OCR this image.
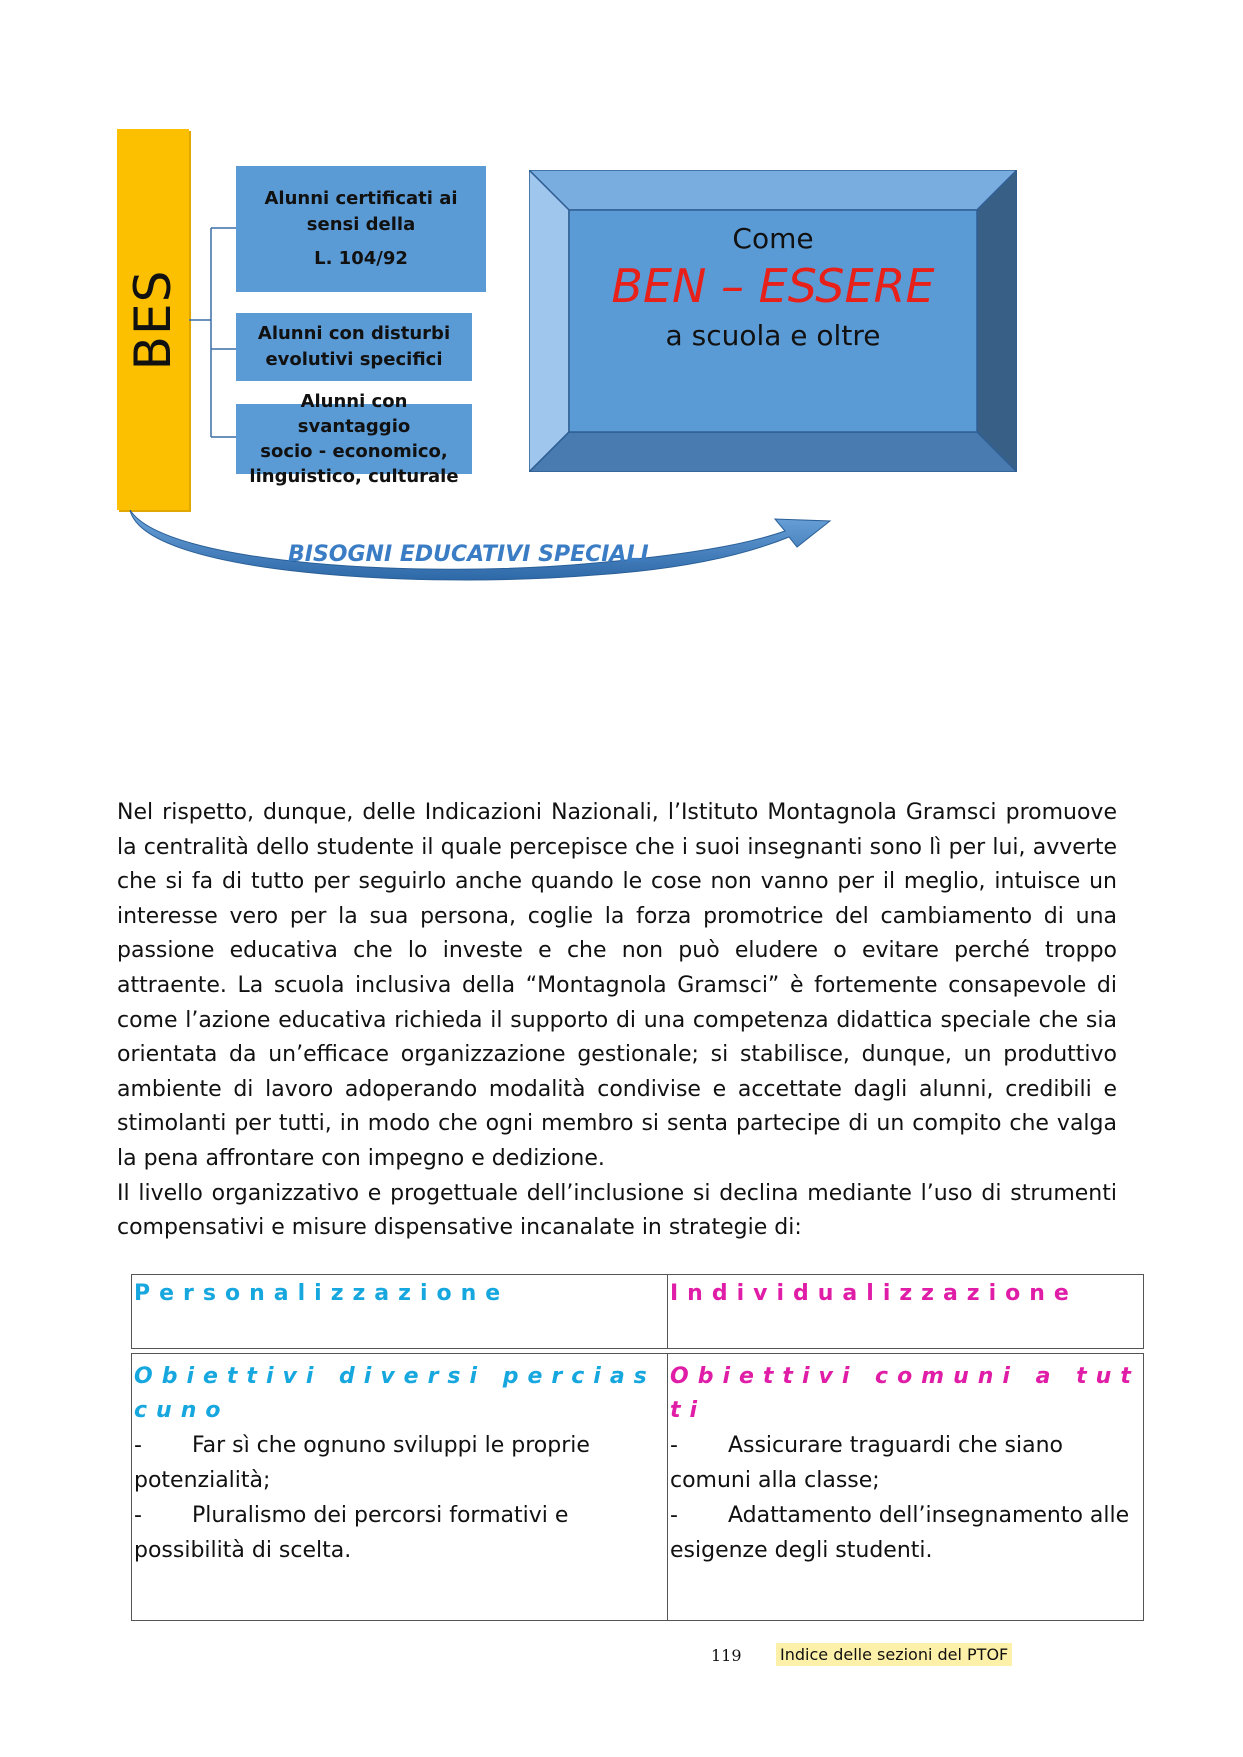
BES
Alunni certificati ai
sensi della
L. 104/92
Alunni con disturbi
evolutivi specifici
Alunni con svantaggio
socio - economico,
linguistico, culturale
Come
BEN – ESSERE
a scuola e oltre
BISOGNI EDUCATIVI SPECIALI

Nel rispetto, dunque, delle Indicazioni Nazionali, l’Istituto Montagnola Gramsci promuove la centralità dello studente il quale percepisce che i suoi insegnanti sono lì per lui, avverte che si fa di tutto per seguirlo anche quando le cose non vanno per il meglio, intuisce un interesse vero per la sua persona, coglie la forza promotrice del cambiamento di una passione educativa che lo investe e che non può eludere o evitare perché troppo attraente. La scuola inclusiva della “Montagnola Gramsci” è fortemente consapevole di come l’azione educativa richieda il supporto di una competenza didattica speciale che sia orientata da un’efficace organizzazione gestionale; si stabilisce, dunque, un produttivo ambiente di lavoro adoperando modalità condivise e accettate dagli alunni, credibili e stimolanti per tutti, in modo che ogni membro si senta partecipe di un compito che valga la pena affrontare con impegno e dedizione.

Il livello organizzativo e progettuale dell’inclusione si declina mediante l’uso di strumenti compensativi e misure dispensative incanalate in strategie di:

Personalizzazione	Individualizzazione
Obiettivi diversi perciascuno
- Far sì che ognuno sviluppi le proprie potenzialità;
- Pluralismo dei percorsi formativi e possibilità di scelta.
Obiettivi comuni a tutti
- Assicurare traguardi che siano comuni alla classe;
- Adattamento dell’insegnamento alle esigenze degli studenti.
119 Indice delle sezioni del PTOF
